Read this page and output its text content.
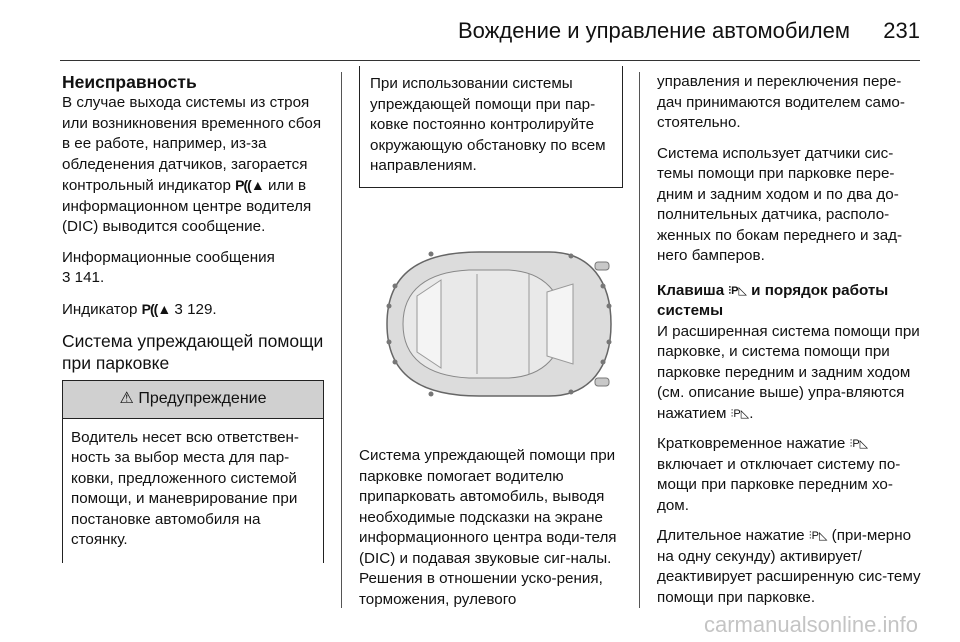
Вождение и управление автомобилем 231
Неисправность

В случае выхода системы из строя или возникновения временного сбоя в ее работе, например, из-за обледенения датчиков, загорается контрольный индикатор P((▲ или в информационном центре водителя (DIC) выводится сообщение.

Информационные сообщения
3 141.

Индикатор P((▲ 3 129.

Система упреждающей помощи при парковке
⚠ Предупреждение
Водитель несет всю ответствен-ность за выбор места для пар-ковки, предложенного системой помощи, и маневрирование при постановке автомобиля на стоянку.
При использовании системы упреждающей помощи при пар-ковке постоянно контролируйте окружающую обстановку по всем направлениям.

Система упреждающей помощи при парковке помогает водителю припарковать автомобиль, выводя необходимые подсказки на экране информационного центра води-теля (DIC) и подавая звуковые сиг-налы. Решения в отношении уско-рения, торможения, рулевого

управления и переключения пере-дач принимаются водителем само-стоятельно.

Система использует датчики сис-темы помощи при парковке пере-дним и задним ходом и по два до-полнительных датчика, располо-женных по бокам переднего и зад-него бамперов.

Клавиша ⫶P◺ и порядок работы системы

И расширенная система помощи при парковке, и система помощи при парковке передним и задним ходом (см. описание выше) упра-вляются нажатием ⫶P◺.

Кратковременное нажатие ⫶P◺ включает и отключает систему по-мощи при парковке передним хо-дом.

Длительное нажатие ⫶P◺ (при-мерно на одну секунду) активирует/деактивирует расширенную сис-тему помощи при парковке.

carmanualsonline.info
